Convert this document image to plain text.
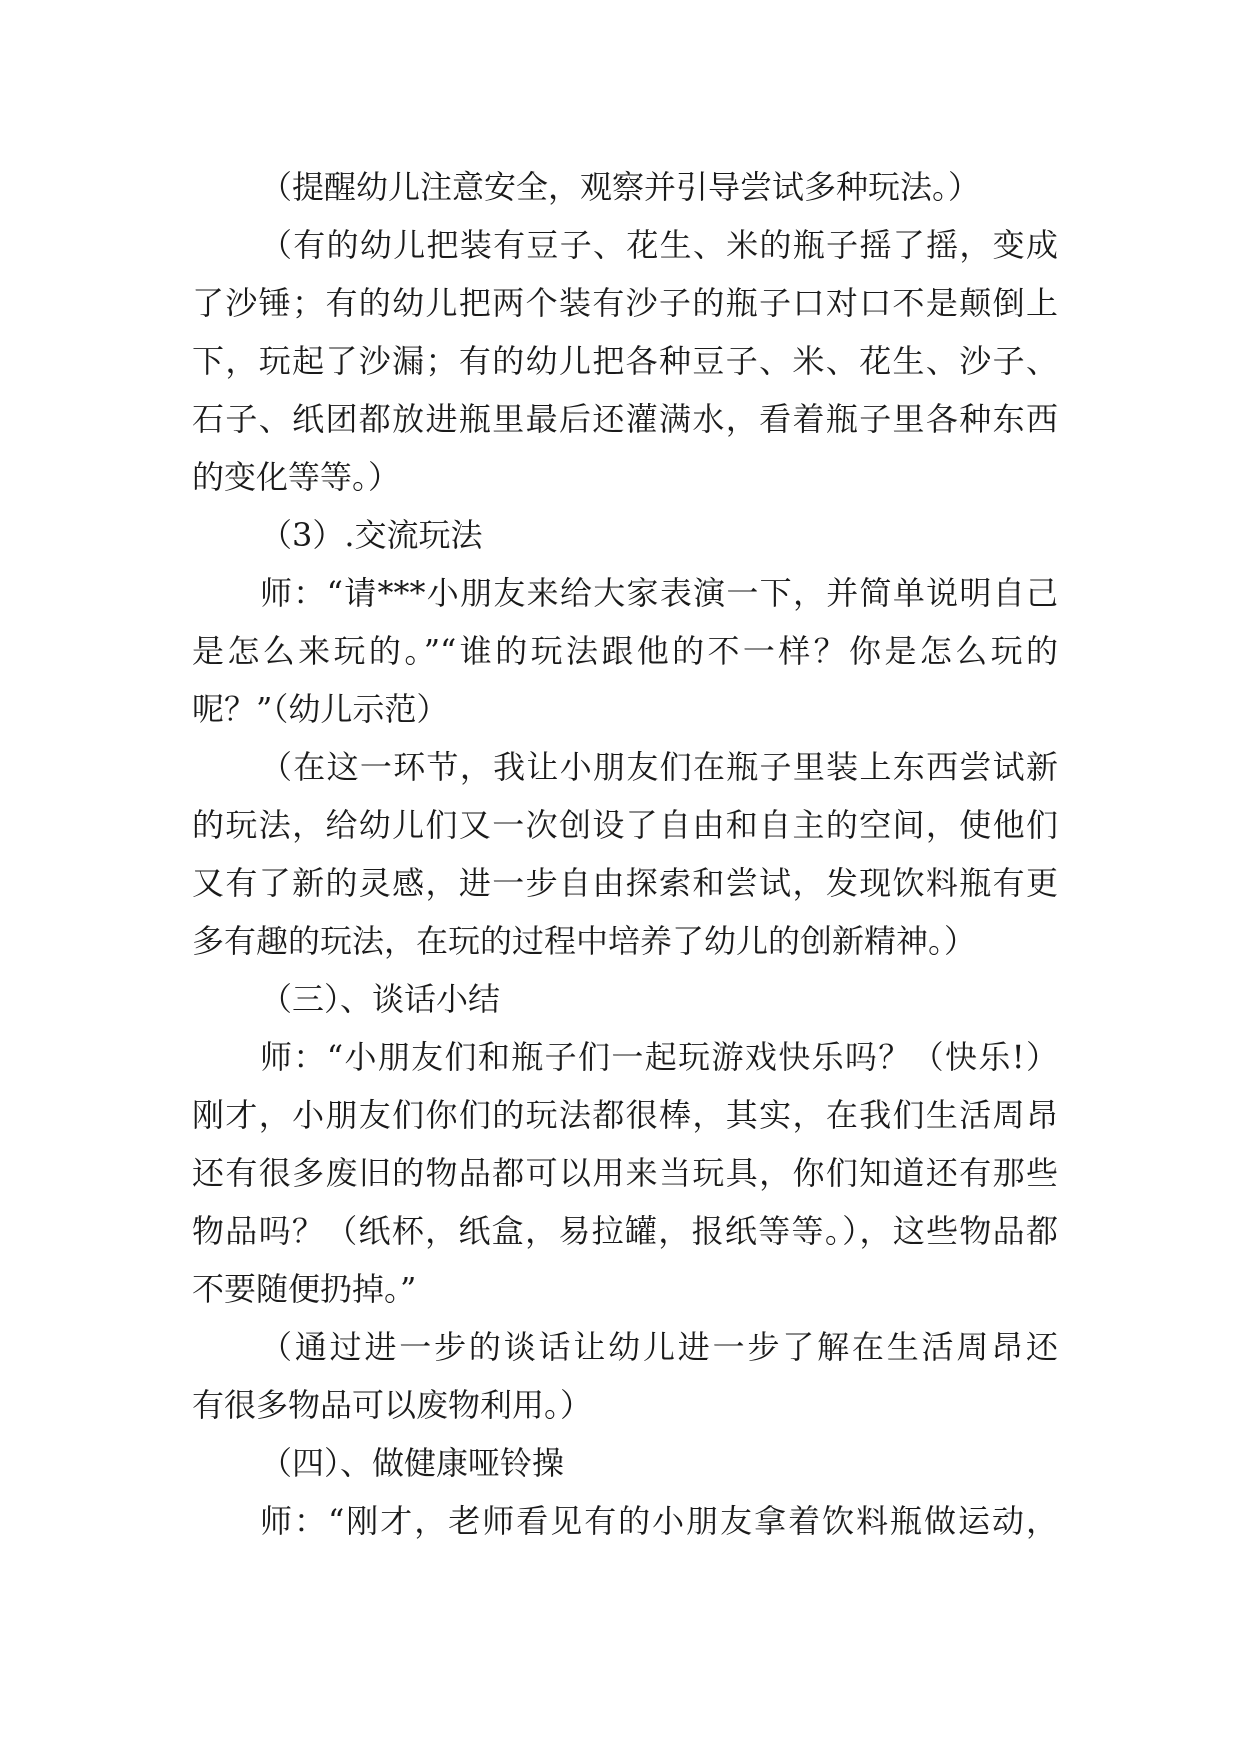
（提醒幼儿注意安全，观察并引导尝试多种玩法。）
（有的幼儿把装有豆子、花生、米的瓶子摇了摇，变成
了沙锤；有的幼儿把两个装有沙子的瓶子口对口不是颠倒上
下，玩起了沙漏；有的幼儿把各种豆子、米、花生、沙子、
石子、纸团都放进瓶里最后还灌满水，看着瓶子里各种东西
的变化等等。）
（3）.交流玩法
师：“请***小朋友来给大家表演一下，并简单说明自己
是怎么来玩的。”“谁的玩法跟他的不一样？你是怎么玩的
呢？”（幼儿示范）
（在这一环节，我让小朋友们在瓶子里装上东西尝试新
的玩法，给幼儿们又一次创设了自由和自主的空间，使他们
又有了新的灵感，进一步自由探索和尝试，发现饮料瓶有更
多有趣的玩法，在玩的过程中培养了幼儿的创新精神。）
（三）、谈话小结
师：“小朋友们和瓶子们一起玩游戏快乐吗？（快乐!）
刚才，小朋友们你们的玩法都很棒，其实，在我们生活周昂
还有很多废旧的物品都可以用来当玩具，你们知道还有那些
物品吗？（纸杯，纸盒，易拉罐，报纸等等。），这些物品都
不要随便扔掉。”
（通过进一步的谈话让幼儿进一步了解在生活周昂还
有很多物品可以废物利用。）
（四）、做健康哑铃操
师：“刚才，老师看见有的小朋友拿着饮料瓶做运动，
